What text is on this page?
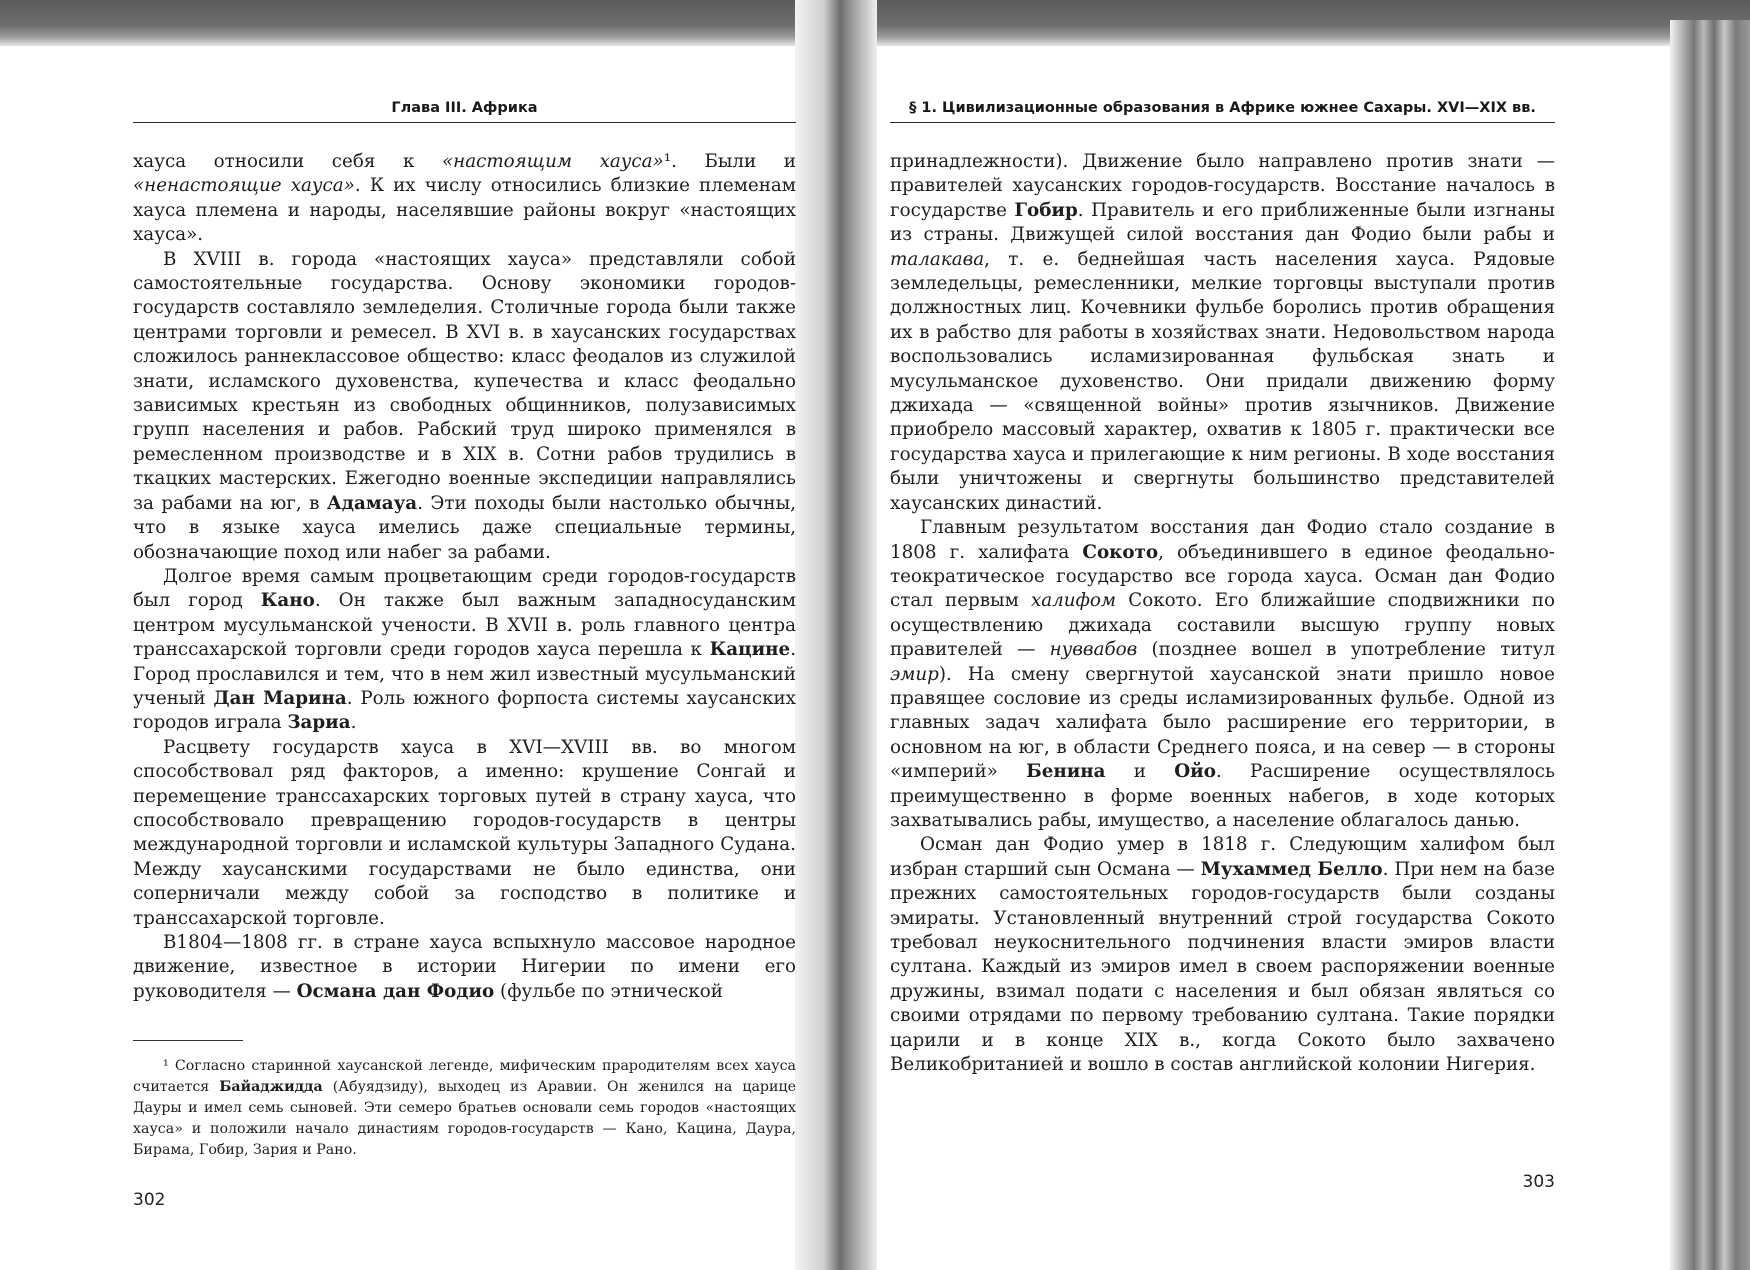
Глава III. Африка

хауса относили себя к «настоящим хауса»¹. Были и «ненастоящие хауса». К их числу относились близкие племенам хауса племена и народы, населявшие районы вокруг «настоящих хауса».

В XVIII в. города «настоящих хауса» представляли собой самостоятельные государства. Основу экономики городов-государств составляло земледелия. Столичные города были также центрами торговли и ремесел. В XVI в. в хаусанских государствах сложилось раннеклассовое общество: класс феодалов из служилой знати, исламского духовенства, купечества и класс феодально зависимых крестьян из свободных общинников, полузависимых групп населения и рабов. Рабский труд широко применялся в ремесленном производстве и в XIX в. Сотни рабов трудились в ткацких мастерских. Ежегодно военные экспедиции направлялись за рабами на юг, в Адамауа. Эти походы были настолько обычны, что в языке хауса имелись даже специальные термины, обозначающие поход или набег за рабами.

Долгое время самым процветающим среди городов-государств был город Кано. Он также был важным западносуданским центром мусульманской учености. В XVII в. роль главного центра транссахарской торговли среди городов хауса перешла к Кацине. Город прославился и тем, что в нем жил известный мусульманский ученый Дан Марина. Роль южного форпоста системы хаусанских городов играла Зариа.

Расцвету государств хауса в XVI—XVIII вв. во многом способствовал ряд факторов, а именно: крушение Сонгай и перемещение транссахарских торговых путей в страну хауса, что способствовало превращению городов-государств в центры международной торговли и исламской культуры Западного Судана. Между хаусанскими государствами не было единства, они соперничали между собой за господство в политике и транссахарской торговле.

В1804—1808 гг. в стране хауса вспыхнуло массовое народное движение, известное в истории Нигерии по имени его руководителя — Османа дан Фодио (фульбе по этнической

¹ Согласно старинной хаусанской легенде, мифическим прародителям всех хауса считается Байаджидда (Абуядзиду), выходец из Аравии. Он женился на царице Дауры и имел семь сыновей. Эти семеро братьев основали семь городов «настоящих хауса» и положили начало династиям городов-государств — Кано, Кацина, Даура, Бирама, Гобир, Зария и Рано.
302
§ 1. Цивилизационные образования в Африке южнее Сахары. XVI—XIX вв.

принадлежности). Движение было направлено против знати — правителей хаусанских городов-государств. Восстание началось в государстве Гобир. Правитель и его приближенные были изгнаны из страны. Движущей силой восстания дан Фодио были рабы и талакава, т. е. беднейшая часть населения хауса. Рядовые земледельцы, ремесленники, мелкие торговцы выступали против должностных лиц. Кочевники фульбе боролись против обращения их в рабство для работы в хозяйствах знати. Недовольством народа воспользовались исламизированная фульбская знать и мусульманское духовенство. Они придали движению форму джихада — «священной войны» против язычников. Движение приобрело массовый характер, охватив к 1805 г. практически все государства хауса и прилегающие к ним регионы. В ходе восстания были уничтожены и свергнуты большинство представителей хаусанских династий.

Главным результатом восстания дан Фодио стало создание в 1808 г. халифата Сокото, объединившего в единое феодально-теократическое государство все города хауса. Осман дан Фодио стал первым халифом Сокото. Его ближайшие сподвижники по осуществлению джихада составили высшую группу новых правителей — нуввабов (позднее вошел в употребление титул эмир). На смену свергнутой хаусанской знати пришло новое правящее сословие из среды исламизированных фульбе. Одной из главных задач халифата было расширение его территории, в основном на юг, в области Среднего пояса, и на север — в стороны «империй» Бенина и Ойо. Расширение осуществлялось преимущественно в форме военных набегов, в ходе которых захватывались рабы, имущество, а население облагалось данью.

Осман дан Фодио умер в 1818 г. Следующим халифом был избран старший сын Османа — Мухаммед Белло. При нем на базе прежних самостоятельных городов-государств были созданы эмираты. Установленный внутренний строй государства Сокото требовал неукоснительного подчинения власти эмиров власти султана. Каждый из эмиров имел в своем распоряжении военные дружины, взимал подати с населения и был обязан являться со своими отрядами по первому требованию султана. Такие порядки царили и в конце XIX в., когда Сокото было захвачено Великобританией и вошло в состав английской колонии Нигерия.

303
